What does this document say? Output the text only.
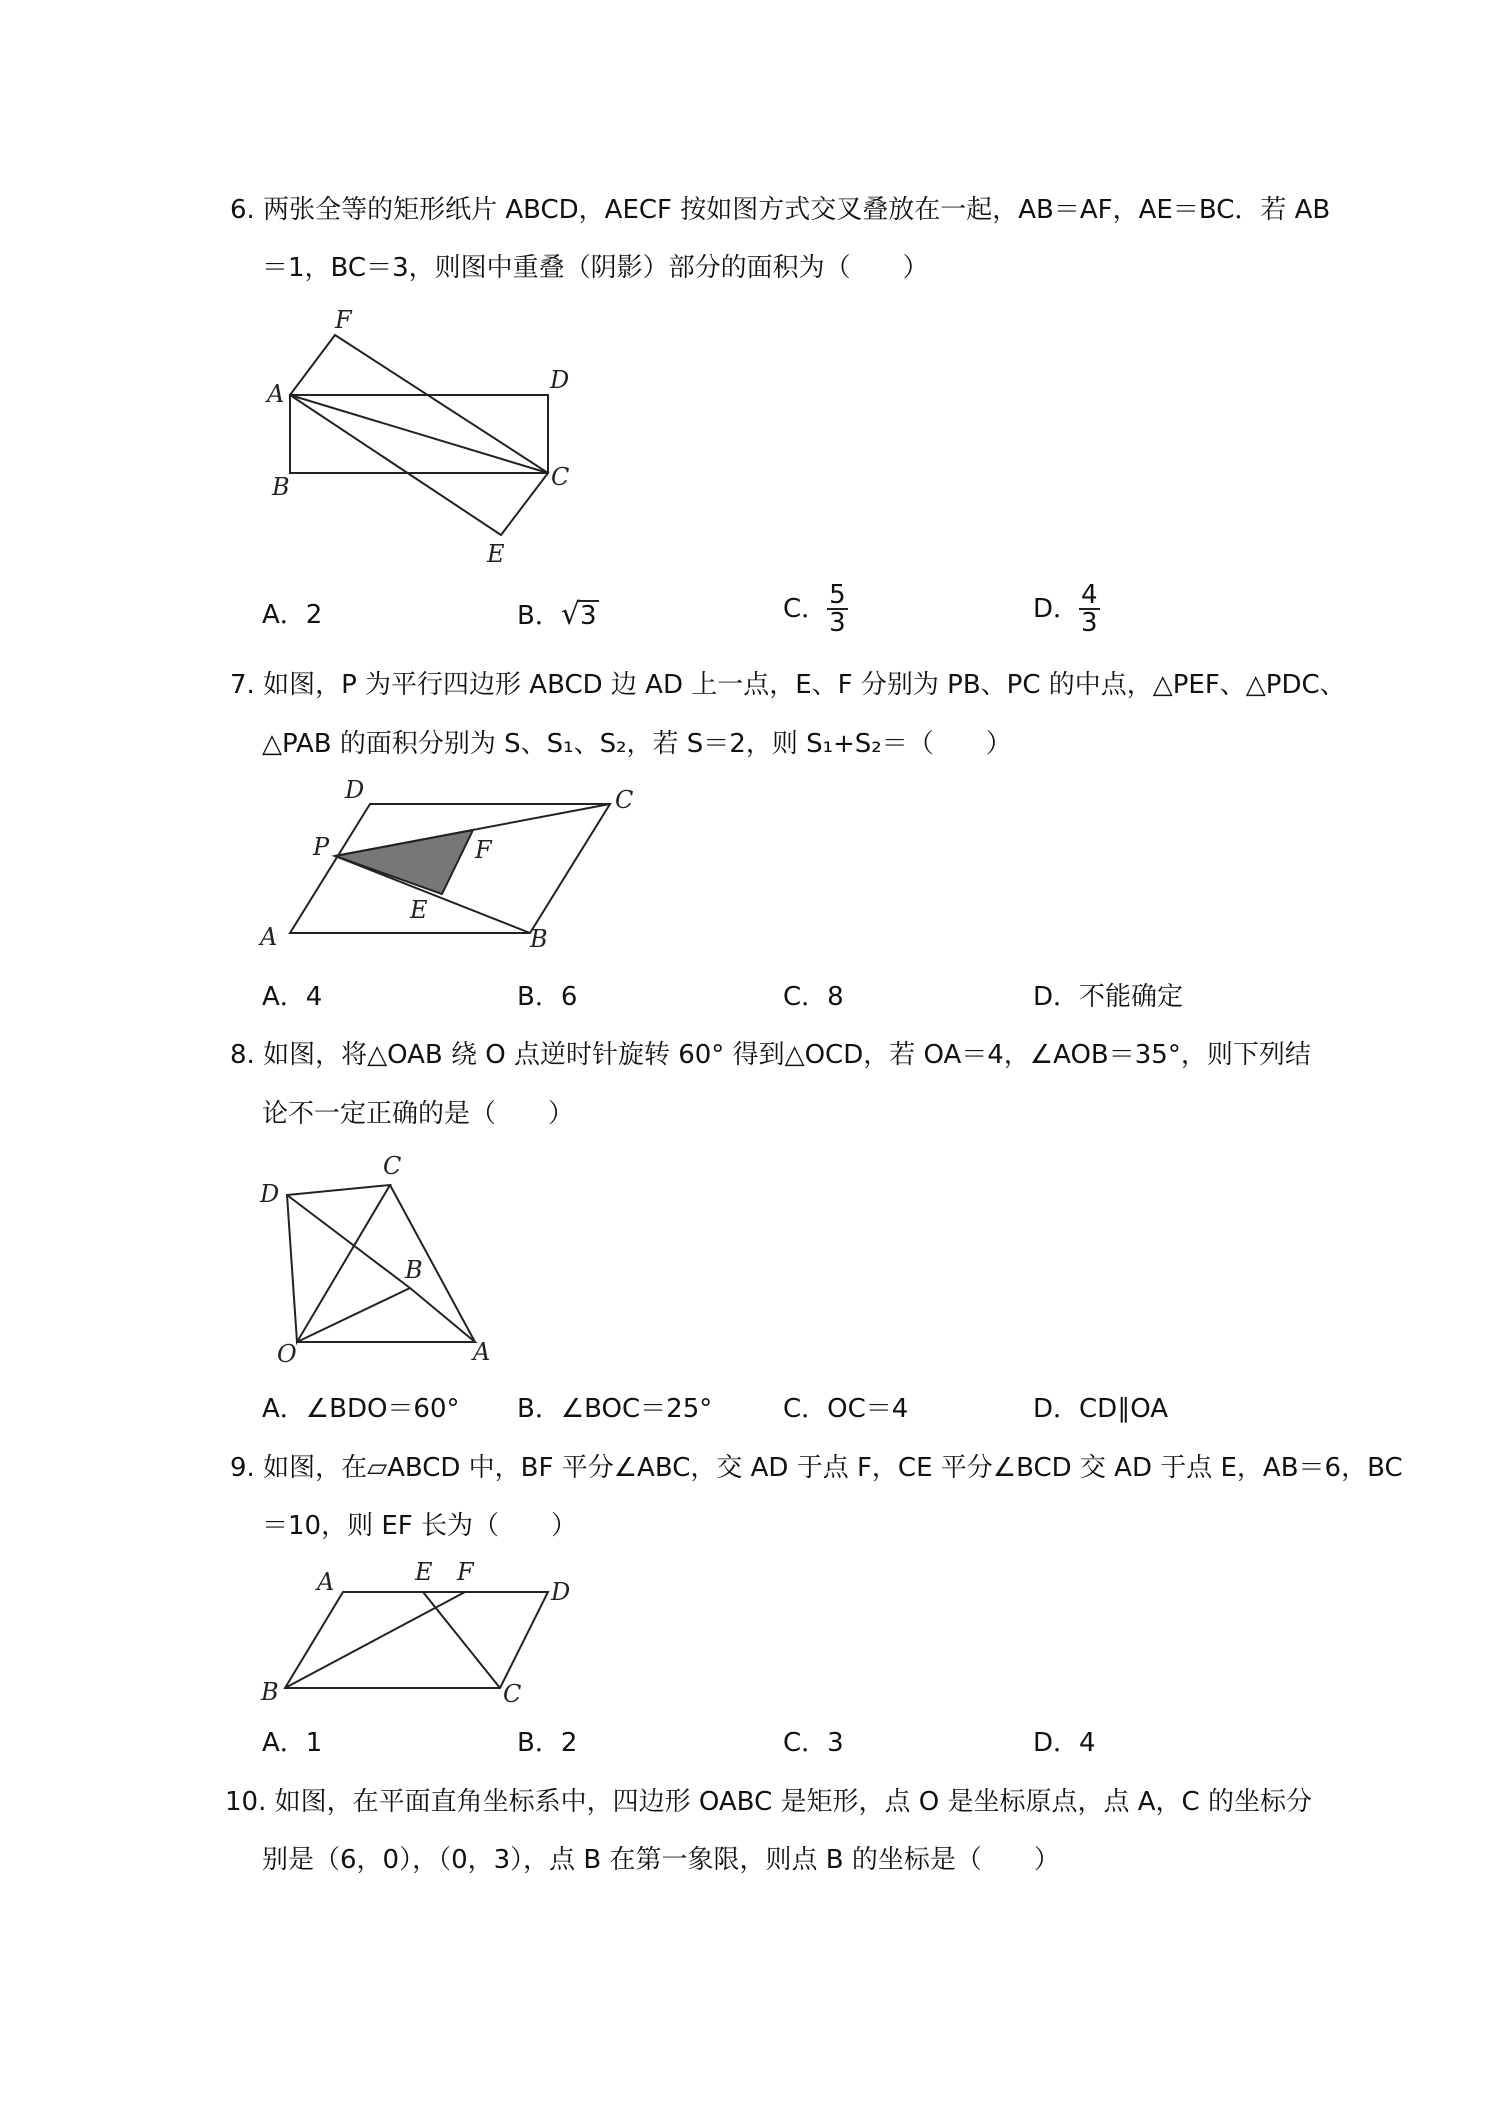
6. 两张全等的矩形纸片 ABCD，AECF 按如图方式交叉叠放在一起，AB＝AF，AE＝BC．若 AB
＝1，BC＝3，则图中重叠（阴影）部分的面积为（　　）
F
A	D
B	C
E
A．2	B．√3	C． $\frac{5}{3}$	D． $\frac{4}{3}$
7. 如图，P 为平行四边形 ABCD 边 AD 上一点，E、F 分别为 PB、PC 的中点，△PEF、△PDC、
△PAB 的面积分别为 S、S₁、S₂，若 S＝2，则 S₁+S₂＝（　　）
D	C
P	F
E
A	B
A．4	B．6	C．8	D．不能确定
8. 如图，将△OAB 绕 O 点逆时针旋转 60° 得到△OCD，若 OA＝4，∠AOB＝35°，则下列结
论不一定正确的是（　　）
D
C
B
O	A
A．∠BDO＝60° B．∠BOC＝25°	C．OC＝4	D．CD∥OA
9. 如图，在▱ABCD 中，BF 平分∠ABC，交 AD 于点 F，CE 平分∠BCD 交 AD 于点 E，AB＝6，BC
＝10，则 EF 长为（　　）
A	E F
D
B	C
A．1	B．2	C．3	D．4
10. 如图，在平面直角坐标系中，四边形 OABC 是矩形，点 O 是坐标原点，点 A，C 的坐标分
别是（6，0），（0，3），点 B 在第一象限，则点 B 的坐标是（　　）
